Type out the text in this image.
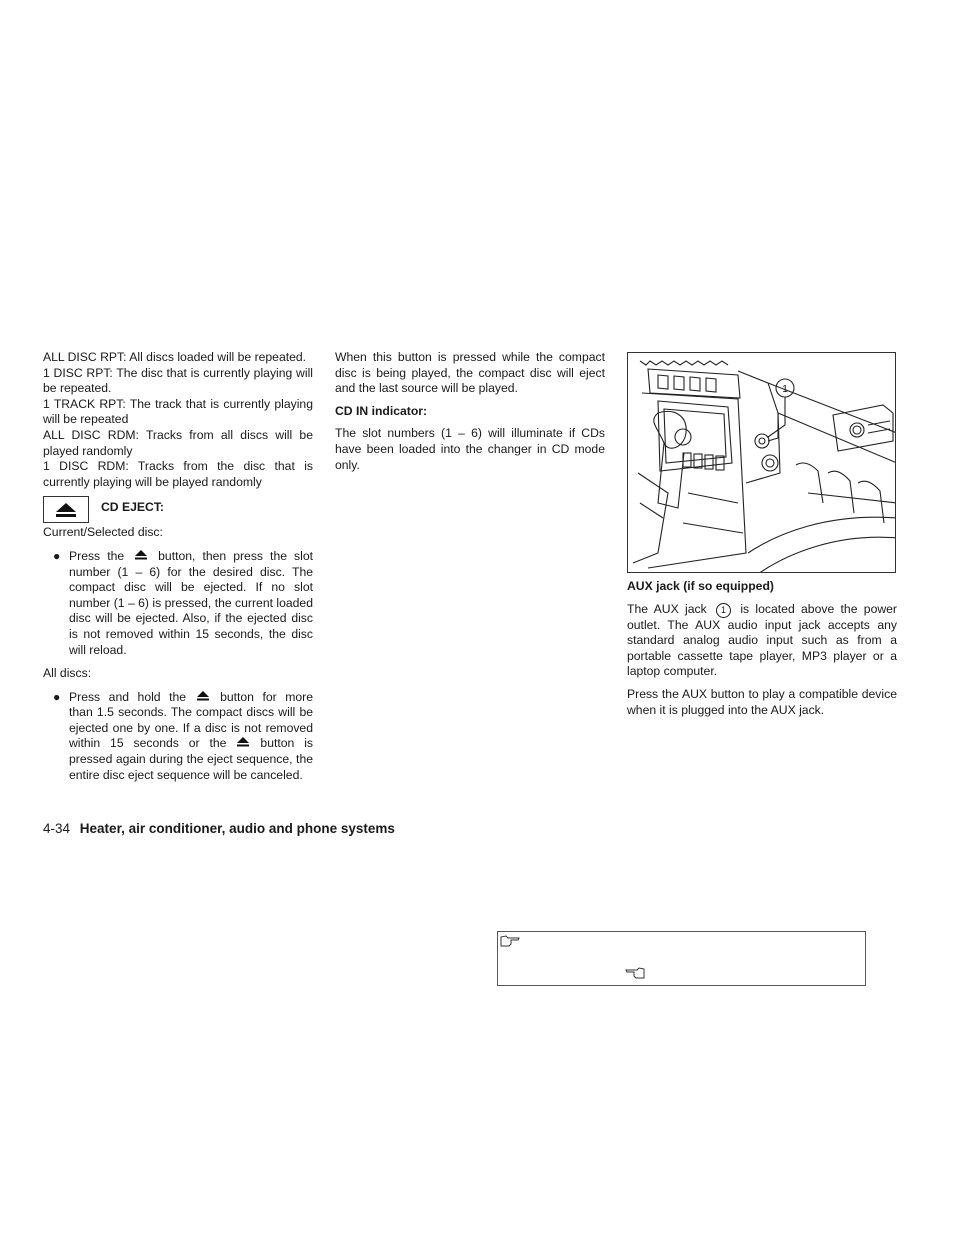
ALL DISC RPT: All discs loaded will be repeated.

1 DISC RPT: The disc that is currently playing will be repeated.

1 TRACK RPT: The track that is currently playing will be repeated

ALL DISC RDM: Tracks from all discs will be played randomly

1 DISC RDM: Tracks from the disc that is currently playing will be played randomly

CD EJECT:

Current/Selected disc:

● Press the	button, then press the slot number (1 – 6) for the desired disc. The compact disc will be ejected. If no slot number (1 – 6) is pressed, the current loaded disc will be ejected. Also, if the ejected disc is not removed within 15 seconds, the disc will reload.

All discs:

● Press and hold the	button for more than 1.5 seconds. The compact discs will be ejected one by one. If a disc is not removed within 15 seconds or the	button is pressed again during the eject sequence, the entire disc eject sequence will be canceled.

When this button is pressed while the compact disc is being played, the compact disc will eject and the last source will be played.

CD IN indicator:

The slot numbers (1 – 6) will illuminate if CDs have been loaded into the changer in CD mode only.

1

AUX jack (if so equipped)

The AUX jack 1 is located above the power outlet. The AUX audio input jack accepts any standard analog audio input such as from a portable cassette tape player, MP3 player or a laptop computer.

Press the AUX button to play a compatible device when it is plugged into the AUX jack.

4-34 Heater, air conditioner, audio and phone systems
